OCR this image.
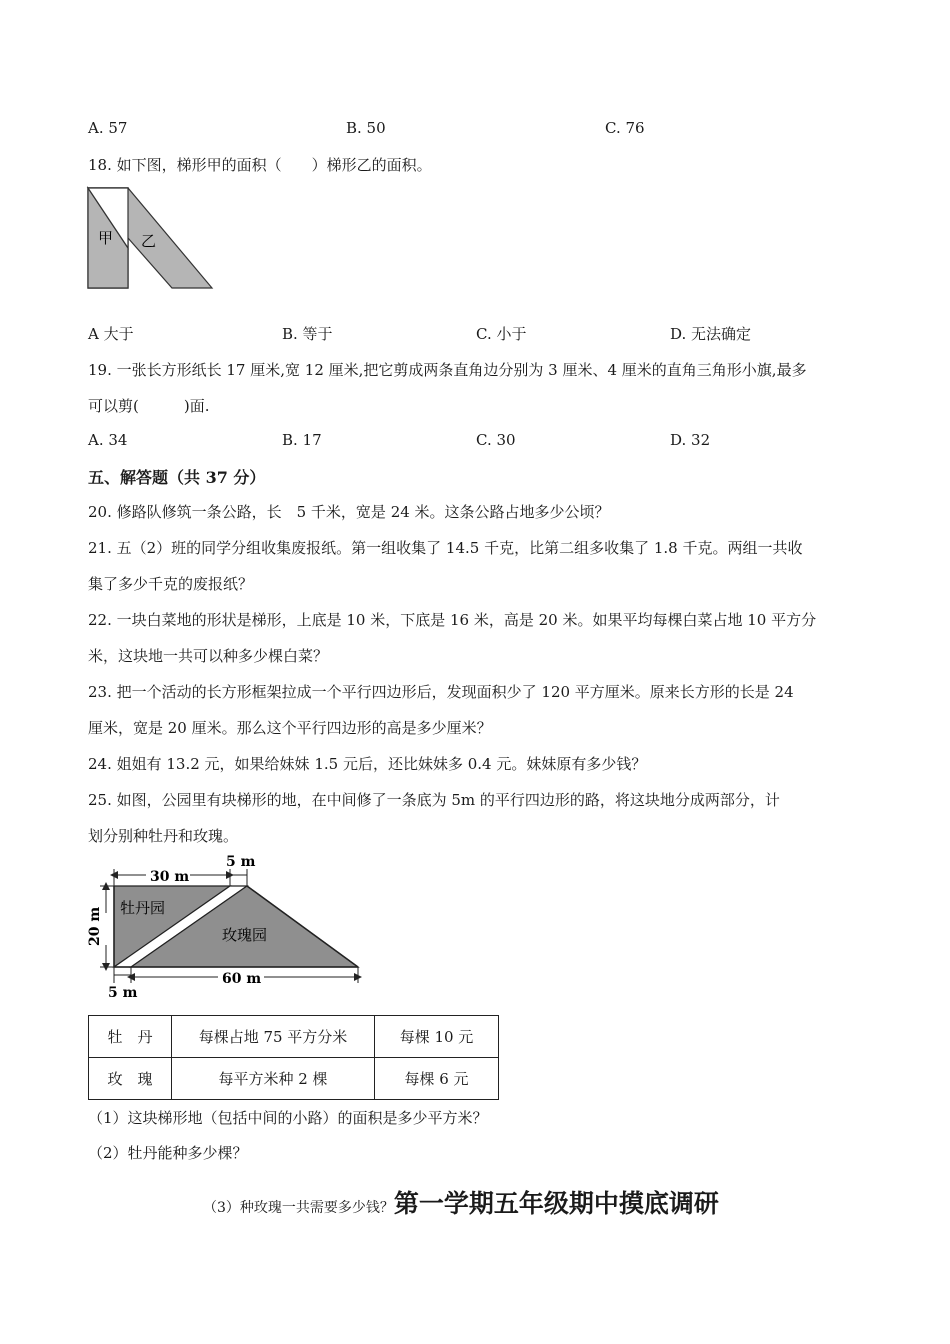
A. 57	B. 50	C. 76
18. 如下图，梯形甲的面积（　　）梯形乙的面积。
甲 乙
A 大于	B. 等于	C. 小于	D. 无法确定
19. 一张长方形纸长 17 厘米,宽 12 厘米,把它剪成两条直角边分别为 3 厘米、4 厘米的直角三角形小旗,最多
可以剪(　　　)面.
A. 34	B. 17	C. 30	D. 32
五、解答题（共 37 分）
20. 修路队修筑一条公路，长　5 千米，宽是 24 米。这条公路占地多少公顷？
21. 五（2）班的同学分组收集废报纸。第一组收集了 14.5 千克，比第二组多收集了 1.8 千克。两组一共收
集了多少千克的废报纸？
22. 一块白菜地的形状是梯形，上底是 10 米，下底是 16 米，高是 20 米。如果平均每棵白菜占地 10 平方分
米，这块地一共可以种多少棵白菜？
23. 把一个活动的长方形框架拉成一个平行四边形后，发现面积少了 120 平方厘米。原来长方形的长是 24
厘米，宽是 20 厘米。那么这个平行四边形的高是多少厘米？
24. 姐姐有 13.2 元，如果给妹妹 1.5 元后，还比妹妹多 0.4 元。妹妹原有多少钱？
25. 如图，公园里有块梯形的地，在中间修了一条底为 5m 的平行四边形的路，将这块地分成两部分，计
划分别种牡丹和玫瑰。
30 m
5 m
20 m
5 m
60 m
牡丹园
玫瑰园
牡　丹	每棵占地 75 平方分米	每棵 10 元
玫　瑰	每平方米种 2 棵	每棵 6 元
（1）这块梯形地（包括中间的小路）的面积是多少平方米？
（2）牡丹能种多少棵？
（3）种玫瑰一共需要多少钱？第一学期五年级期中摸底调研
